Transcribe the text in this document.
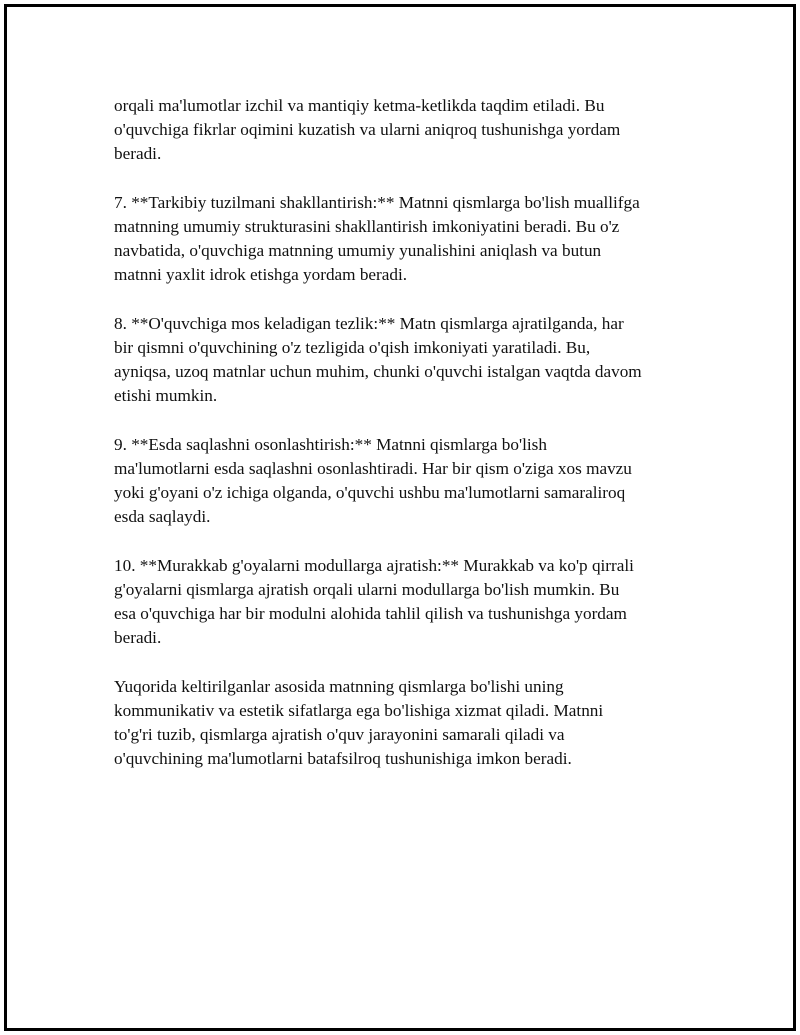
orqali ma'lumotlar izchil va mantiqiy ketma-ketlikda taqdim etiladi. Bu
o'quvchiga fikrlar oqimini kuzatish va ularni aniqroq tushunishga yordam
beradi.

7. **Tarkibiy tuzilmani shakllantirish:** Matnni qismlarga bo'lish muallifga
matnning umumiy strukturasini shakllantirish imkoniyatini beradi. Bu o'z
navbatida, o'quvchiga matnning umumiy yunalishini aniqlash va butun
matnni yaxlit idrok etishga yordam beradi.

8. **O'quvchiga mos keladigan tezlik:** Matn qismlarga ajratilganda, har
bir qismni o'quvchining o'z tezligida o'qish imkoniyati yaratiladi. Bu,
ayniqsa, uzoq matnlar uchun muhim, chunki o'quvchi istalgan vaqtda davom
etishi mumkin.

9. **Esda saqlashni osonlashtirish:** Matnni qismlarga bo'lish
ma'lumotlarni esda saqlashni osonlashtiradi. Har bir qism o'ziga xos mavzu
yoki g'oyani o'z ichiga olganda, o'quvchi ushbu ma'lumotlarni samaraliroq
esda saqlaydi.

10. **Murakkab g'oyalarni modullarga ajratish:** Murakkab va ko'p qirrali
g'oyalarni qismlarga ajratish orqali ularni modullarga bo'lish mumkin. Bu
esa o'quvchiga har bir modulni alohida tahlil qilish va tushunishga yordam
beradi.

Yuqorida keltirilganlar asosida matnning qismlarga bo'lishi uning
kommunikativ va estetik sifatlarga ega bo'lishiga xizmat qiladi. Matnni
to'g'ri tuzib, qismlarga ajratish o'quv jarayonini samarali qiladi va
o'quvchining ma'lumotlarni batafsilroq tushunishiga imkon beradi.
